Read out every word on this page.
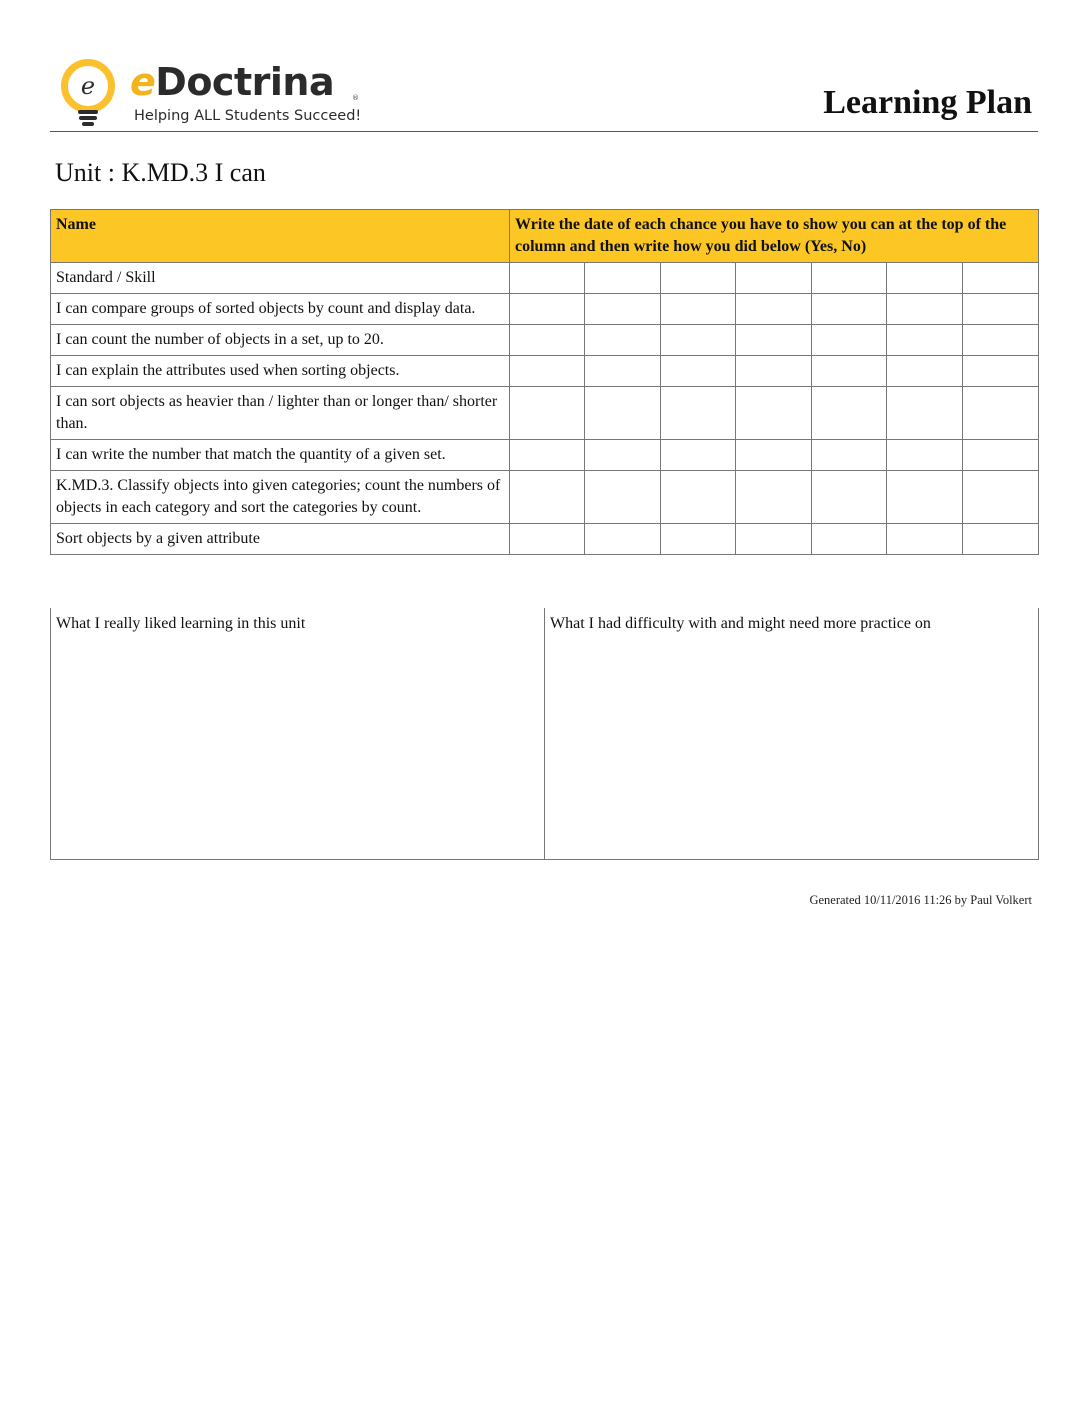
e eDoctrina	®
Helping ALL Students Succeed!	Learning Plan
Unit : K.MD.3 I can
Name	Write the date of each chance you have to show you can at the top of the column and then write how you did below (Yes, No)						
Standard / Skill							
I can compare groups of sorted objects by count and display data.							
I can count the number of objects in a set, up to 20.							
I can explain the attributes used when sorting objects.							
I can sort objects as heavier than / lighter than or longer than/ shorter than.							
I can write the number that match the quantity of a given set.							
K.MD.3. Classify objects into given categories; count the numbers of objects in each category and sort the categories by count.							
Sort objects by a given attribute							
What I really liked learning in this unit	What I had difficulty with and might need more practice on
Generated 10/11/2016 11:26 by Paul Volkert
